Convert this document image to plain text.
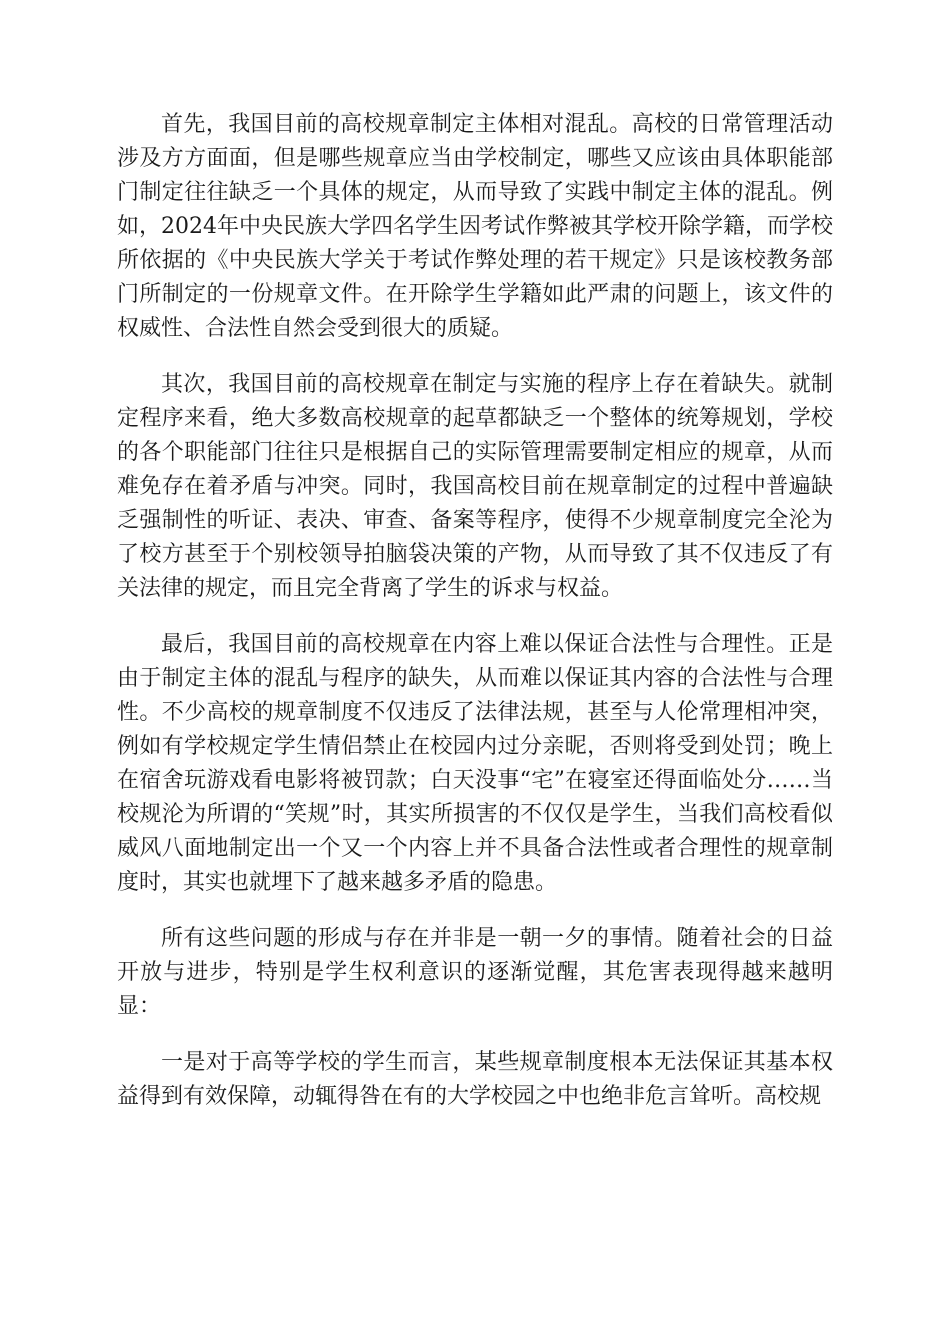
首先，我国目前的高校规章制定主体相对混乱。高校的日常管理活动涉及方方面面，但是哪些规章应当由学校制定，哪些又应该由具体职能部门制定往往缺乏一个具体的规定，从而导致了实践中制定主体的混乱。例如，2024年中央民族大学四名学生因考试作弊被其学校开除学籍，而学校所依据的《中央民族大学关于考试作弊处理的若干规定》只是该校教务部门所制定的一份规章文件。在开除学生学籍如此严肃的问题上，该文件的权威性、合法性自然会受到很大的质疑。

其次，我国目前的高校规章在制定与实施的程序上存在着缺失。就制定程序来看，绝大多数高校规章的起草都缺乏一个整体的统筹规划，学校的各个职能部门往往只是根据自己的实际管理需要制定相应的规章，从而难免存在着矛盾与冲突。同时，我国高校目前在规章制定的过程中普遍缺乏强制性的听证、表决、审查、备案等程序，使得不少规章制度完全沦为了校方甚至于个别校领导拍脑袋决策的产物，从而导致了其不仅违反了有关法律的规定，而且完全背离了学生的诉求与权益。

最后，我国目前的高校规章在内容上难以保证合法性与合理性。正是由于制定主体的混乱与程序的缺失，从而难以保证其内容的合法性与合理性。不少高校的规章制度不仅违反了法律法规，甚至与人伦常理相冲突，例如有学校规定学生情侣禁止在校园内过分亲昵，否则将受到处罚；晚上在宿舍玩游戏看电影将被罚款；白天没事“宅”在寝室还得面临处分……当校规沦为所谓的“笑规”时，其实所损害的不仅仅是学生，当我们高校看似威风八面地制定出一个又一个内容上并不具备合法性或者合理性的规章制度时，其实也就埋下了越来越多矛盾的隐患。

所有这些问题的形成与存在并非是一朝一夕的事情。随着社会的日益开放与进步，特别是学生权利意识的逐渐觉醒，其危害表现得越来越明显：

一是对于高等学校的学生而言，某些规章制度根本无法保证其基本权益得到有效保障，动辄得咎在有的大学校园之中也绝非危言耸听。高校规
